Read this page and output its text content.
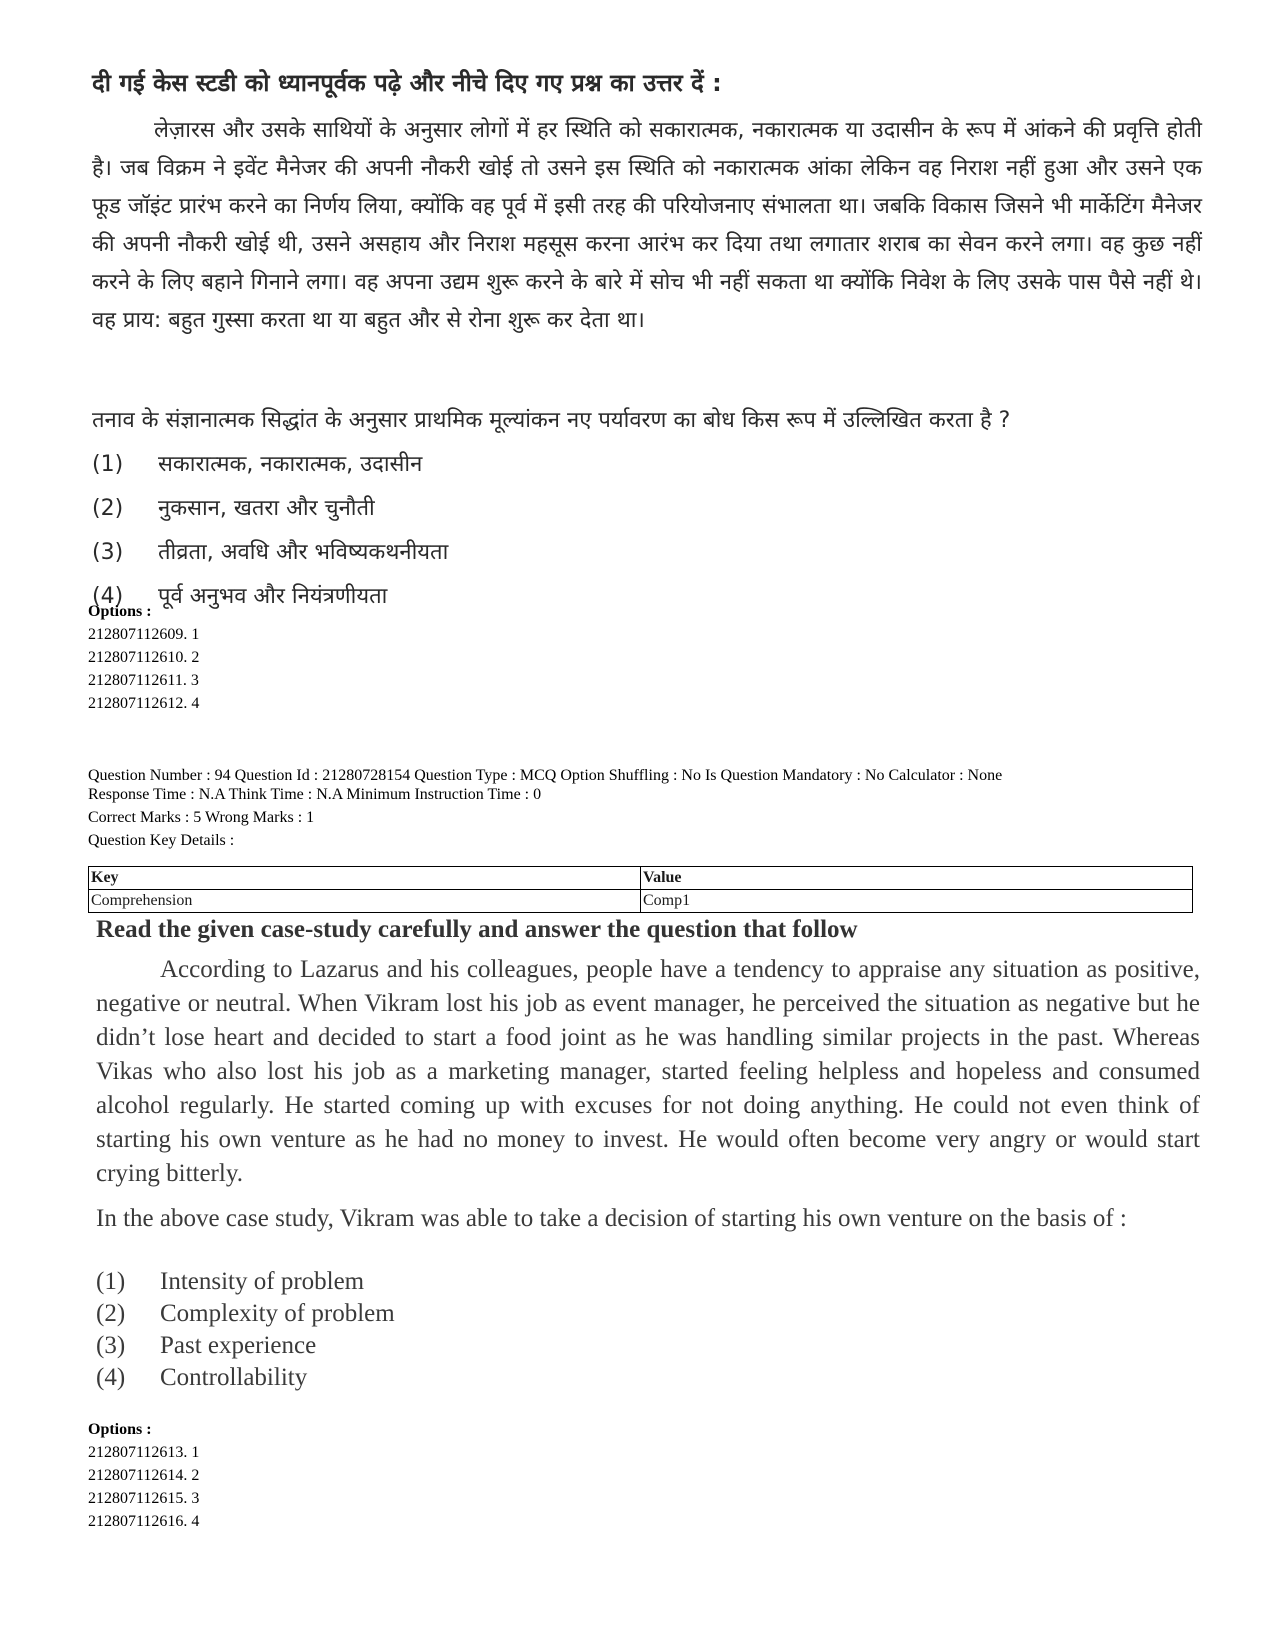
दी गई केस स्टडी को ध्यानपूर्वक पढ़े और नीचे दिए गए प्रश्न का उत्तर दें :
लेज़ारस और उसके साथियों के अनुसार लोगों में हर स्थिति को सकारात्मक, नकारात्मक या उदासीन के रूप में आंकने की प्रवृत्ति होती है। जब विक्रम ने इवेंट मैनेजर की अपनी नौकरी खोई तो उसने इस स्थिति को नकारात्मक आंका लेकिन वह निराश नहीं हुआ और उसने एक फूड जॉइंट प्रारंभ करने का निर्णय लिया, क्योंकि वह पूर्व में इसी तरह की परियोजनाए संभालता था। जबकि विकास जिसने भी मार्केटिंग मैनेजर की अपनी नौकरी खोई थी, उसने असहाय और निराश महसूस करना आरंभ कर दिया तथा लगातार शराब का सेवन करने लगा। वह कुछ नहीं करने के लिए बहाने गिनाने लगा। वह अपना उद्यम शुरू करने के बारे में सोच भी नहीं सकता था क्योंकि निवेश के लिए उसके पास पैसे नहीं थे। वह प्राय: बहुत गुस्सा करता था या बहुत और से रोना शुरू कर देता था।
तनाव के संज्ञानात्मक सिद्धांत के अनुसार प्राथमिक मूल्यांकन नए पर्यावरण का बोध किस रूप में उल्लिखित करता है ?
(1)	सकारात्मक, नकारात्मक, उदासीन
(2)	नुकसान, खतरा और चुनौती
(3)	तीव्रता, अवधि और भविष्यकथनीयता
(4)	पूर्व अनुभव और नियंत्रणीयता
Options :
212807112609. 1
212807112610. 2
212807112611. 3
212807112612. 4
Question Number : 94 Question Id : 21280728154 Question Type : MCQ Option Shuffling : No Is Question Mandatory : No Calculator : None
Response Time : N.A Think Time : N.A Minimum Instruction Time : 0
Correct Marks : 5 Wrong Marks : 1
Question Key Details :
Key	Value
Comprehension	Comp1
Read the given case-study carefully and answer the question that follow
According to Lazarus and his colleagues, people have a tendency to appraise any situation as positive, negative or neutral. When Vikram lost his job as event manager, he perceived the situation as negative but he didn’t lose heart and decided to start a food joint as he was handling similar projects in the past. Whereas Vikas who also lost his job as a marketing manager, started feeling helpless and hopeless and consumed alcohol regularly. He started coming up with excuses for not doing anything. He could not even think of starting his own venture as he had no money to invest. He would often become very angry or would start crying bitterly.
In the above case study, Vikram was able to take a decision of starting his own venture on the basis of :
(1)	Intensity of problem
(2)	Complexity of problem
(3)	Past experience
(4)	Controllability
Options :
212807112613. 1
212807112614. 2
212807112615. 3
212807112616. 4
